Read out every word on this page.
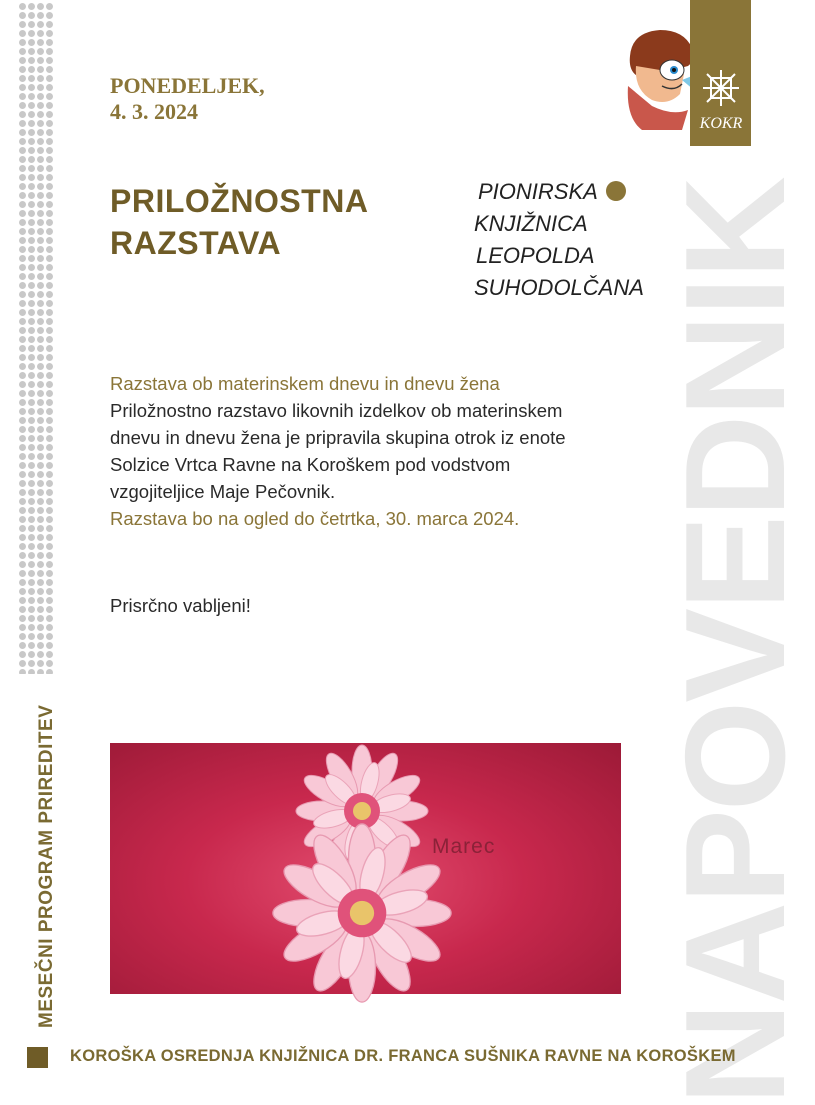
MESEČNI PROGRAM PRIREDITEV	NAPOVEDNIK
KOKR
PONEDELJEK,
4. 3. 2024
PRILOŽNOSTNA
RAZSTAVA
PIONIRSKA
KNJIŽNICA
LEOPOLDA
SUHODOLČANA
Razstava ob materinskem dnevu in dnevu žena
Priložnostno razstavo likovnih izdelkov ob materinskem
dnevu in dnevu žena je pripravila skupina otrok iz enote
Solzice Vrtca Ravne na Koroškem pod vodstvom
vzgojiteljice Maje Pečovnik.
Razstava bo na ogled do četrtka, 30. marca 2024.
Prisrčno vabljeni!
Marec
KOROŠKA OSREDNJA KNJIŽNICA DR. FRANCA SUŠNIKA RAVNE NA KOROŠKEM
